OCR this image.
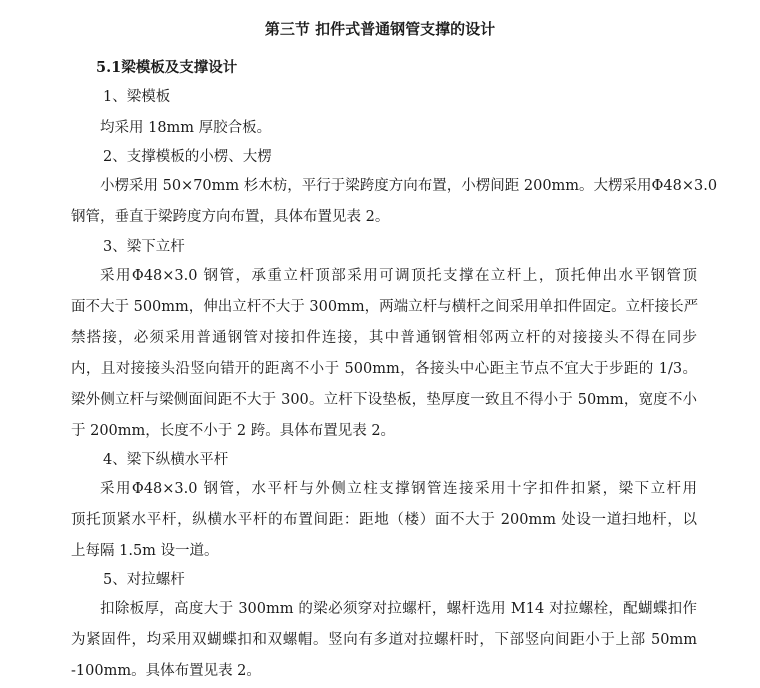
第三节 扣件式普通钢管支撑的设计
5.1梁模板及支撑设计
1、梁模板
均采用 18mm 厚胶合板。
2、支撑模板的小楞、大楞
小楞采用 50×70mm 杉木枋，平行于梁跨度方向布置，小楞间距 200mm。大楞采用Φ48×3.0
钢管，垂直于梁跨度方向布置，具体布置见表 2。
3、梁下立杆
采用Φ48×3.0 钢管，承重立杆顶部采用可调顶托支撑在立杆上，顶托伸出水平钢管顶
面不大于 500mm，伸出立杆不大于 300mm，两端立杆与横杆之间采用单扣件固定。立杆接长严
禁搭接，必须采用普通钢管对接扣件连接，其中普通钢管相邻两立杆的对接接头不得在同步
内，且对接接头沿竖向错开的距离不小于 500mm，各接头中心距主节点不宜大于步距的 1/3。
梁外侧立杆与梁侧面间距不大于 300。立杆下设垫板，垫厚度一致且不得小于 50mm，宽度不小
于 200mm，长度不小于 2 跨。具体布置见表 2。
4、梁下纵横水平杆
采用Φ48×3.0 钢管，水平杆与外侧立柱支撑钢管连接采用十字扣件扣紧，梁下立杆用
顶托顶紧水平杆，纵横水平杆的布置间距：距地（楼）面不大于 200mm 处设一道扫地杆，以
上每隔 1.5m 设一道。
5、对拉螺杆
扣除板厚，高度大于 300mm 的梁必须穿对拉螺杆，螺杆选用 M14 对拉螺栓，配蝴蝶扣作
为紧固件，均采用双蝴蝶扣和双螺帽。竖向有多道对拉螺杆时，下部竖向间距小于上部 50mm
-100mm。具体布置见表 2。
